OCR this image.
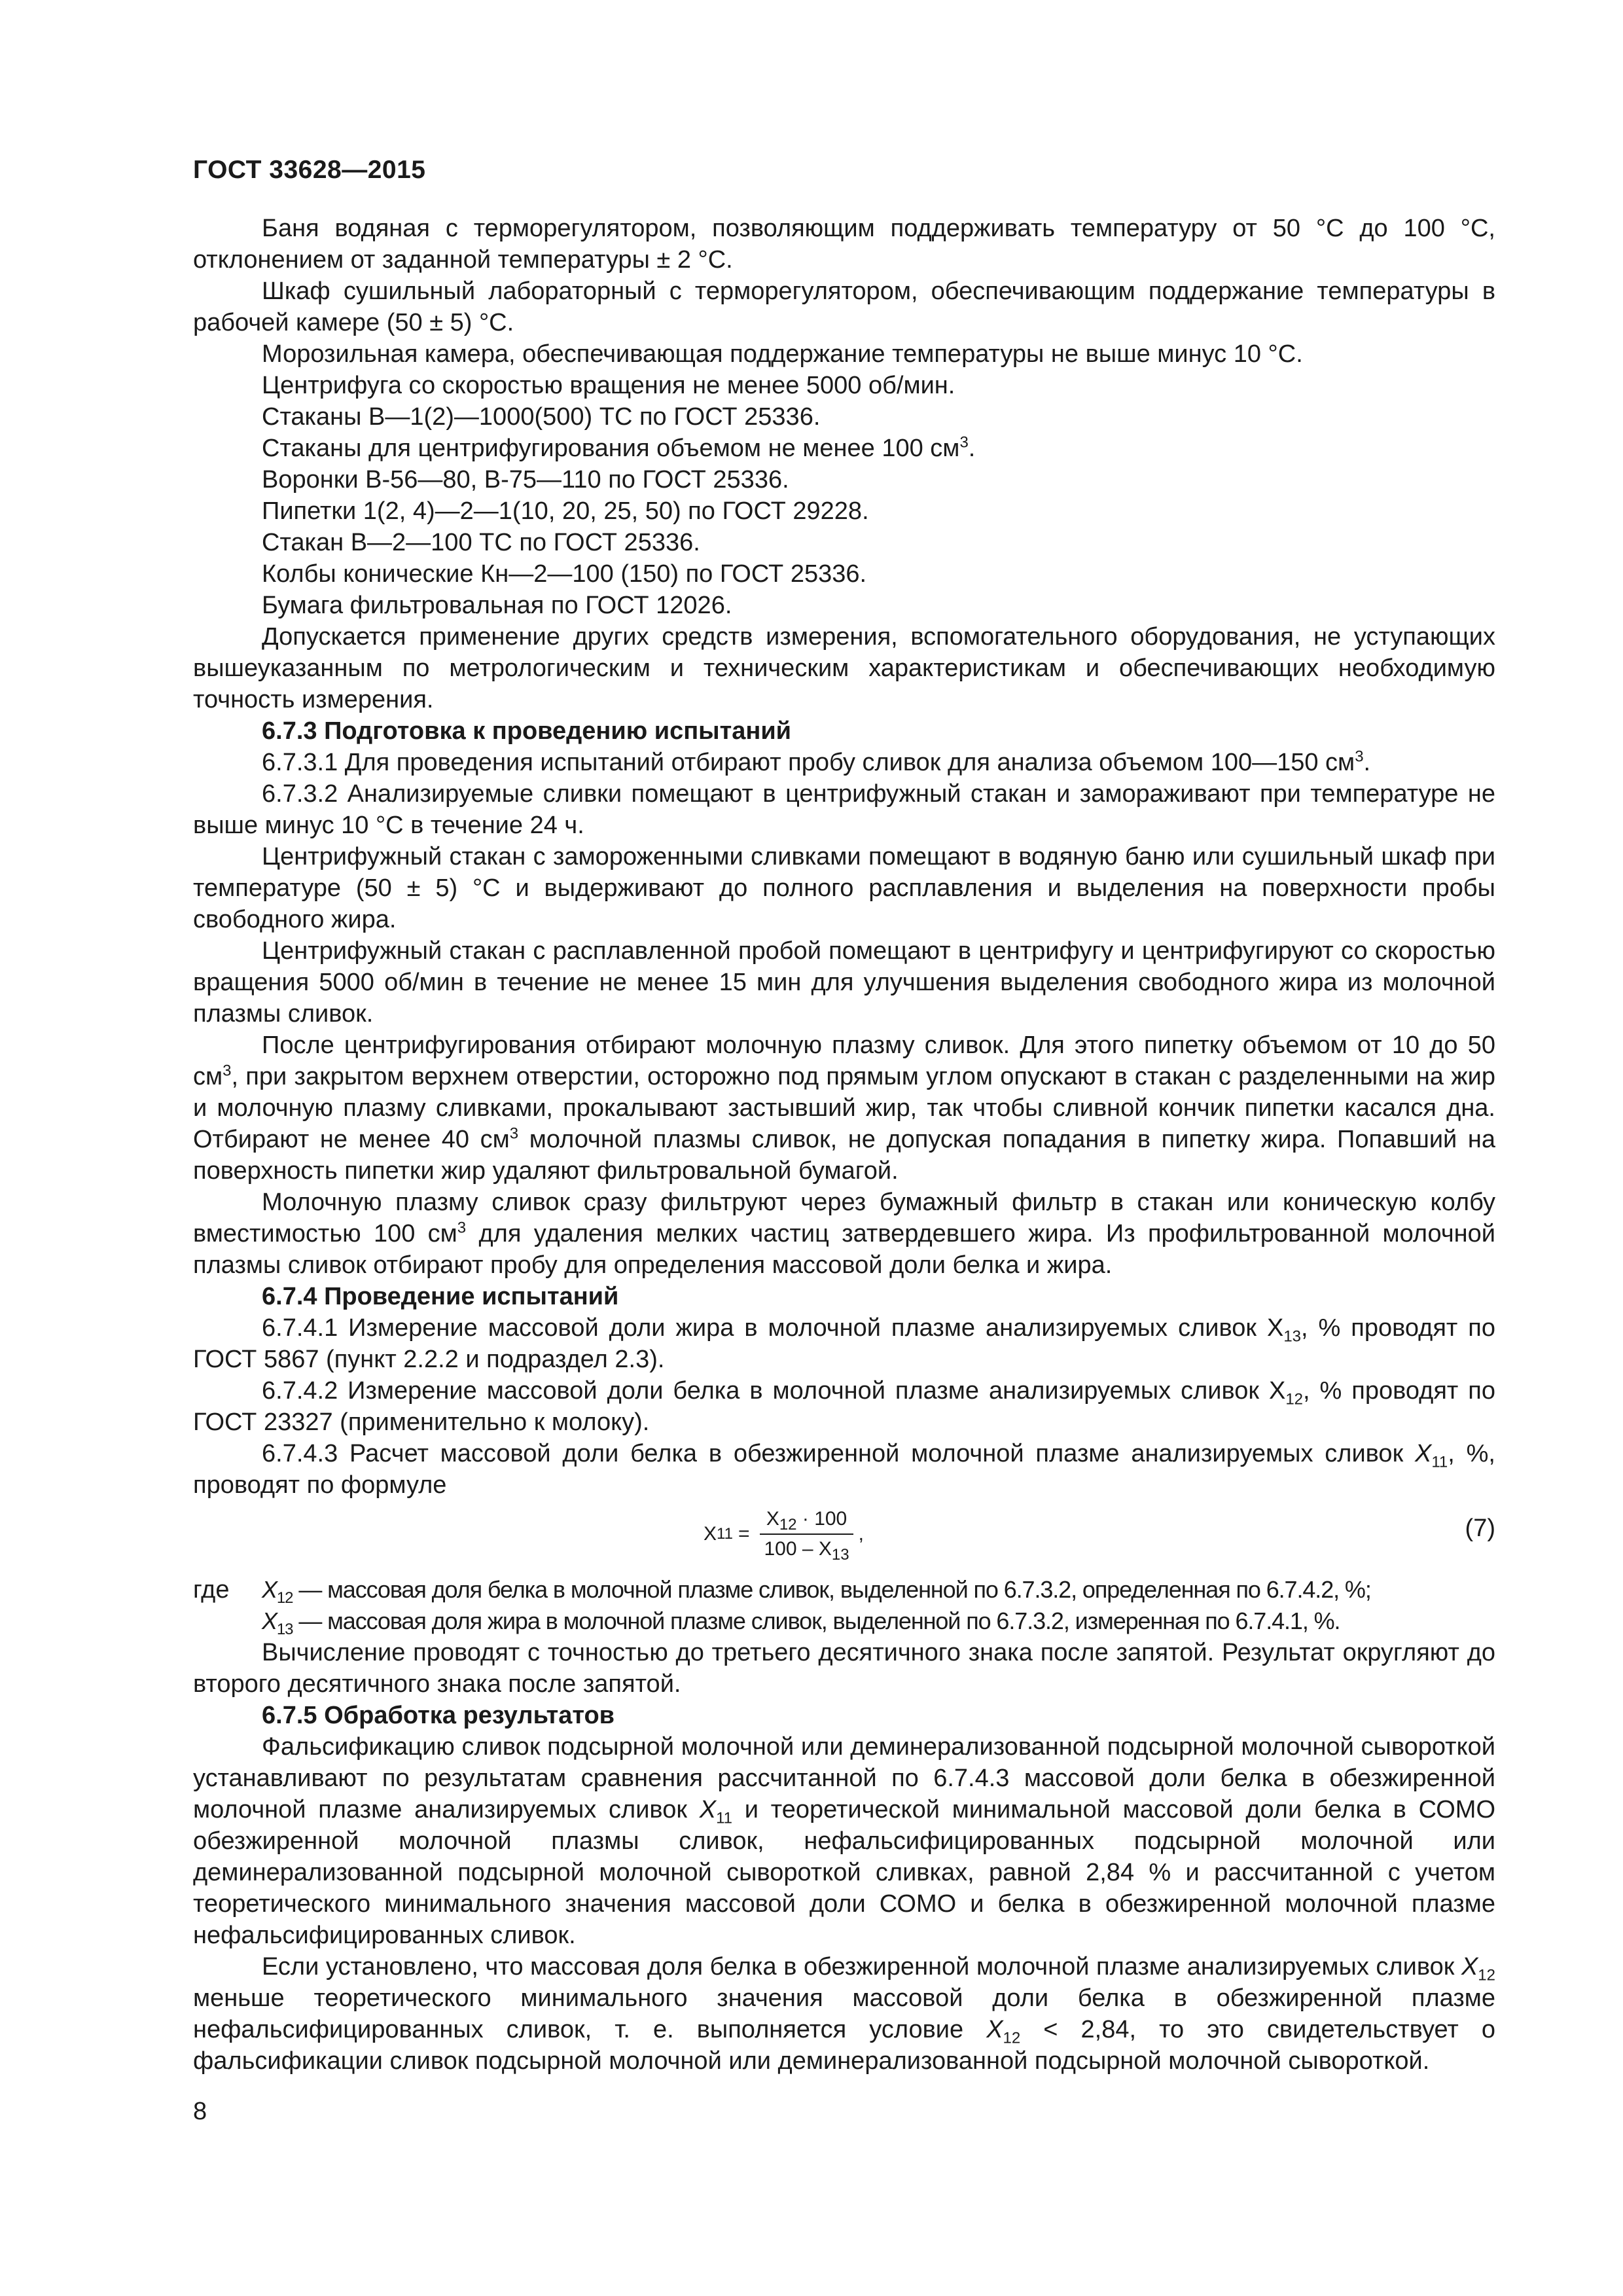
ГОСТ 33628—2015

Баня водяная с терморегулятором, позволяющим поддерживать температуру от 50 °С до 100 °С, отклонением от заданной температуры ± 2 °С.

Шкаф сушильный лабораторный с терморегулятором, обеспечивающим поддержание температуры в рабочей камере (50 ± 5) °С.

Морозильная камера, обеспечивающая поддержание температуры не выше минус 10 °С.

Центрифуга со скоростью вращения не менее 5000 об/мин.

Стаканы В—1(2)—1000(500) ТС по ГОСТ 25336.

Стаканы для центрифугирования объемом не менее 100 $см^3$.

Воронки В-56—80, В-75—110 по ГОСТ 25336.

Пипетки 1(2, 4)—2—1(10, 20, 25, 50) по ГОСТ 29228.

Стакан В—2—100 ТС по ГОСТ 25336.

Колбы конические Кн—2—100 (150) по ГОСТ 25336.

Бумага фильтровальная по ГОСТ 12026.

Допускается применение других средств измерения, вспомогательного оборудования, не уступающих вышеуказанным по метрологическим и техническим характеристикам и обеспечивающих необходимую точность измерения.

6.7.3 Подготовка к проведению испытаний

6.7.3.1 Для проведения испытаний отбирают пробу сливок для анализа объемом 100—150 $см^3$.

6.7.3.2 Анализируемые сливки помещают в центрифужный стакан и замораживают при температуре не выше минус 10 °С в течение 24 ч.

Центрифужный стакан с замороженными сливками помещают в водяную баню или сушильный шкаф при температуре (50 ± 5) °С и выдерживают до полного расплавления и выделения на поверхности пробы свободного жира.

Центрифужный стакан с расплавленной пробой помещают в центрифугу и центрифугируют со скоростью вращения 5000 об/мин в течение не менее 15 мин для улучшения выделения свободного жира из молочной плазмы сливок.

После центрифугирования отбирают молочную плазму сливок. Для этого пипетку объемом от 10 до 50 $см^3$, при закрытом верхнем отверстии, осторожно под прямым углом опускают в стакан с разделенными на жир и молочную плазму сливками, прокалывают застывший жир, так чтобы сливной кончик пипетки касался дна. Отбирают не менее 40 $см^3$ молочной плазмы сливок, не допуская попадания в пипетку жира. Попавший на поверхность пипетки жир удаляют фильтровальной бумагой.

Молочную плазму сливок сразу фильтруют через бумажный фильтр в стакан или коническую колбу вместимостью 100 $см^3$ для удаления мелких частиц затвердевшего жира. Из профильтрованной молочной плазмы сливок отбирают пробу для определения массовой доли белка и жира.

6.7.4 Проведение испытаний

6.7.4.1 Измерение массовой доли жира в молочной плазме анализируемых сливок $Х_{13}$, % проводят по ГОСТ 5867 (пункт 2.2.2 и подраздел 2.3).

6.7.4.2 Измерение массовой доли белка в молочной плазме анализируемых сливок $Х_{12}$, % проводят по ГОСТ 23327 (применительно к молоку).

6.7.4.3 Расчет массовой доли белка в обезжиренной молочной плазме анализируемых сливок $Х_{11}$, %, проводят по формуле

Х $11 = \frac{Х_{12} \cdot 100}{100 - Х_{13}}$ ,	(7)
где	$Х_{12}$ — массовая доля белка в молочной плазме сливок, выделенной по 6.7.3.2, определенная по 6.7.4.2, %;

$Х_{13}$ — массовая доля жира в молочной плазме сливок, выделенной по 6.7.3.2, измеренная по 6.7.4.1, %.

Вычисление проводят с точностью до третьего десятичного знака после запятой. Результат округляют до второго десятичного знака после запятой.

6.7.5 Обработка результатов

Фальсификацию сливок подсырной молочной или деминерализованной подсырной молочной сывороткой устанавливают по результатам сравнения рассчитанной по 6.7.4.3 массовой доли белка в обезжиренной молочной плазме анализируемых сливок $Х_{11}$ и теоретической минимальной массовой доли белка в СОМО обезжиренной молочной плазмы сливок, нефальсифицированных подсырной молочной или деминерализованной подсырной молочной сывороткой сливках, равной 2,84 % и рассчитанной с учетом теоретического минимального значения массовой доли СОМО и белка в обезжиренной молочной плазме нефальсифицированных сливок.

Если установлено, что массовая доля белка в обезжиренной молочной плазме анализируемых сливок $Х_{12}$ меньше теоретического минимального значения массовой доли белка в обезжиренной плазме нефальсифицированных сливок, т. е. выполняется условие $Х_{12} < 2,84$, то это свидетельствует о фальсификации сливок подсырной молочной или деминерализованной подсырной молочной сывороткой.

8
